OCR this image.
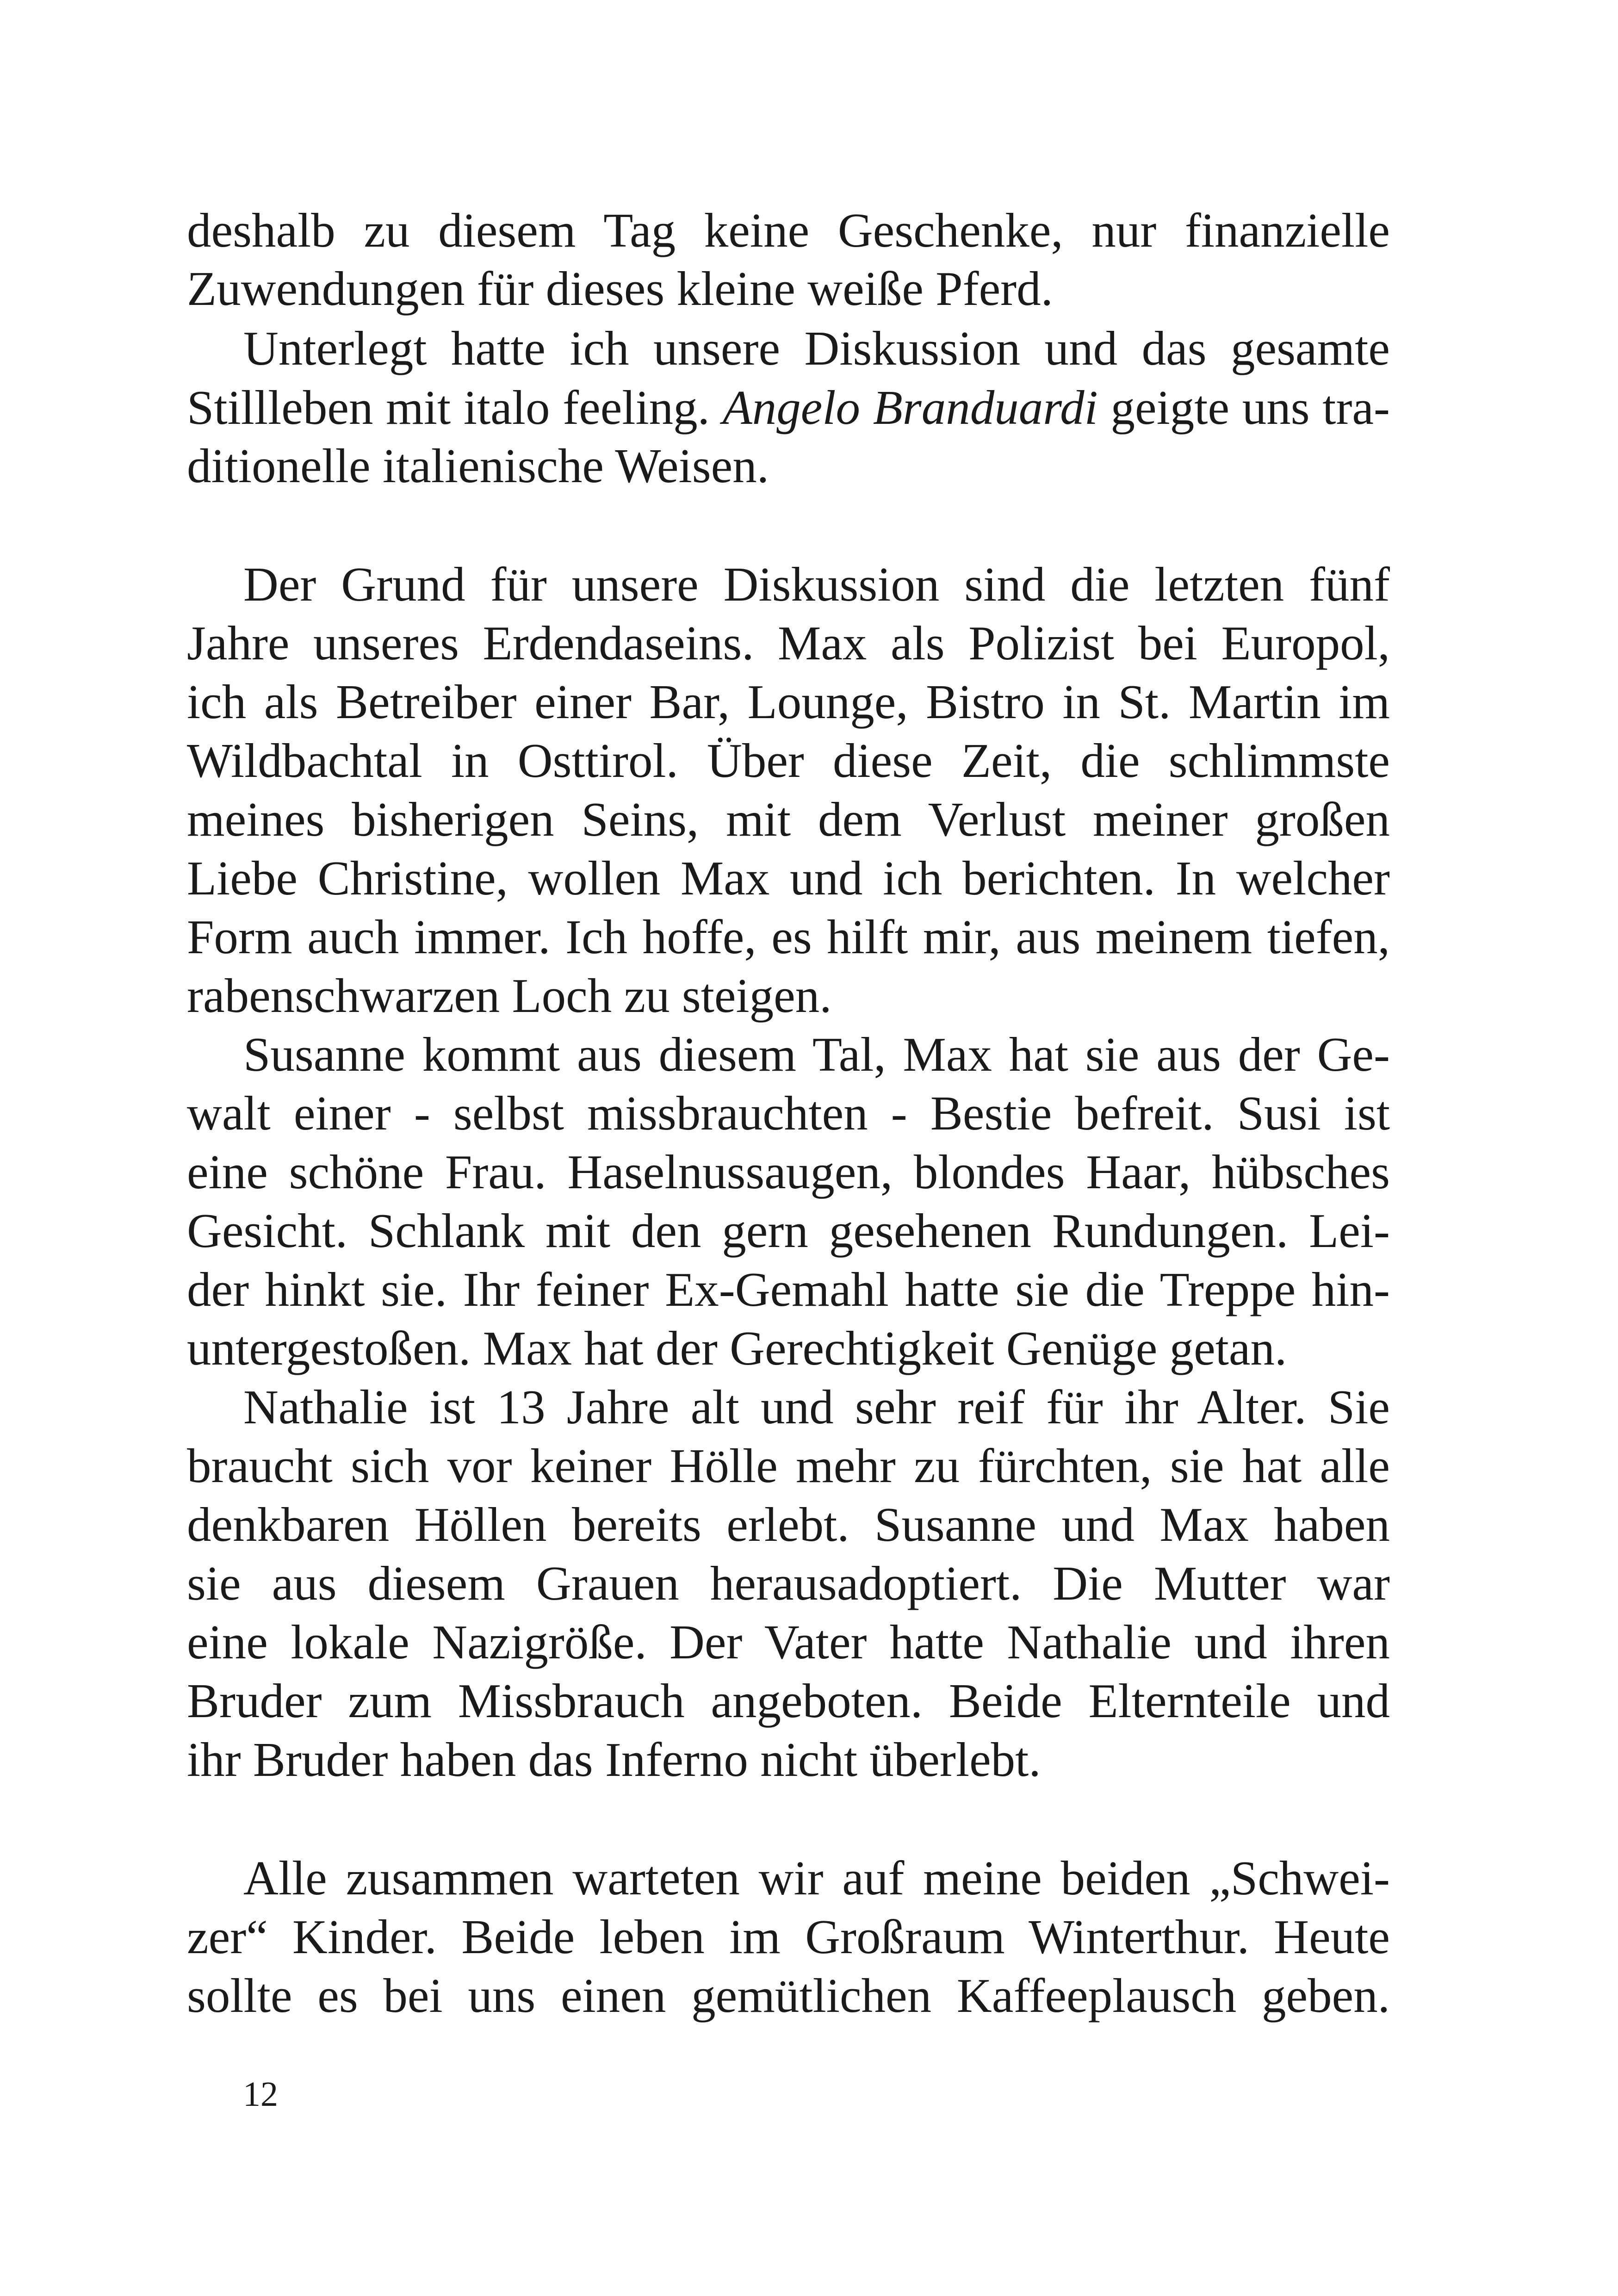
deshalb zu diesem Tag keine Geschenke, nur finanzielle

Zuwendungen für dieses kleine weiße Pferd.

Unterlegt hatte ich unsere Diskussion und das gesamte

Stillleben mit italo feeling. Angelo Branduardi geigte uns tra-

ditionelle italienische Weisen.

Der Grund für unsere Diskussion sind die letzten fünf

Jahre unseres Erdendaseins. Max als Polizist bei Europol,

ich als Betreiber einer Bar, Lounge, Bistro in St. Martin im

Wildbachtal in Osttirol. Über diese Zeit, die schlimmste

meines bisherigen Seins, mit dem Verlust meiner großen

Liebe Christine, wollen Max und ich berichten. In welcher

Form auch immer. Ich hoffe, es hilft mir, aus meinem tiefen,

rabenschwarzen Loch zu steigen.

Susanne kommt aus diesem Tal, Max hat sie aus der Ge-

walt einer - selbst missbrauchten - Bestie befreit. Susi ist

eine schöne Frau. Haselnussaugen, blondes Haar, hübsches

Gesicht. Schlank mit den gern gesehenen Rundungen. Lei-

der hinkt sie. Ihr feiner Ex-Gemahl hatte sie die Treppe hin-

untergestoßen. Max hat der Gerechtigkeit Genüge getan.

Nathalie ist 13 Jahre alt und sehr reif für ihr Alter. Sie

braucht sich vor keiner Hölle mehr zu fürchten, sie hat alle

denkbaren Höllen bereits erlebt. Susanne und Max haben

sie aus diesem Grauen herausadoptiert. Die Mutter war

eine lokale Nazigröße. Der Vater hatte Nathalie und ihren

Bruder zum Missbrauch angeboten. Beide Elternteile und

ihr Bruder haben das Inferno nicht überlebt.

Alle zusammen warteten wir auf meine beiden „Schwei-

zer“ Kinder. Beide leben im Großraum Winterthur. Heute

sollte es bei uns einen gemütlichen Kaffeeplausch geben.

12
